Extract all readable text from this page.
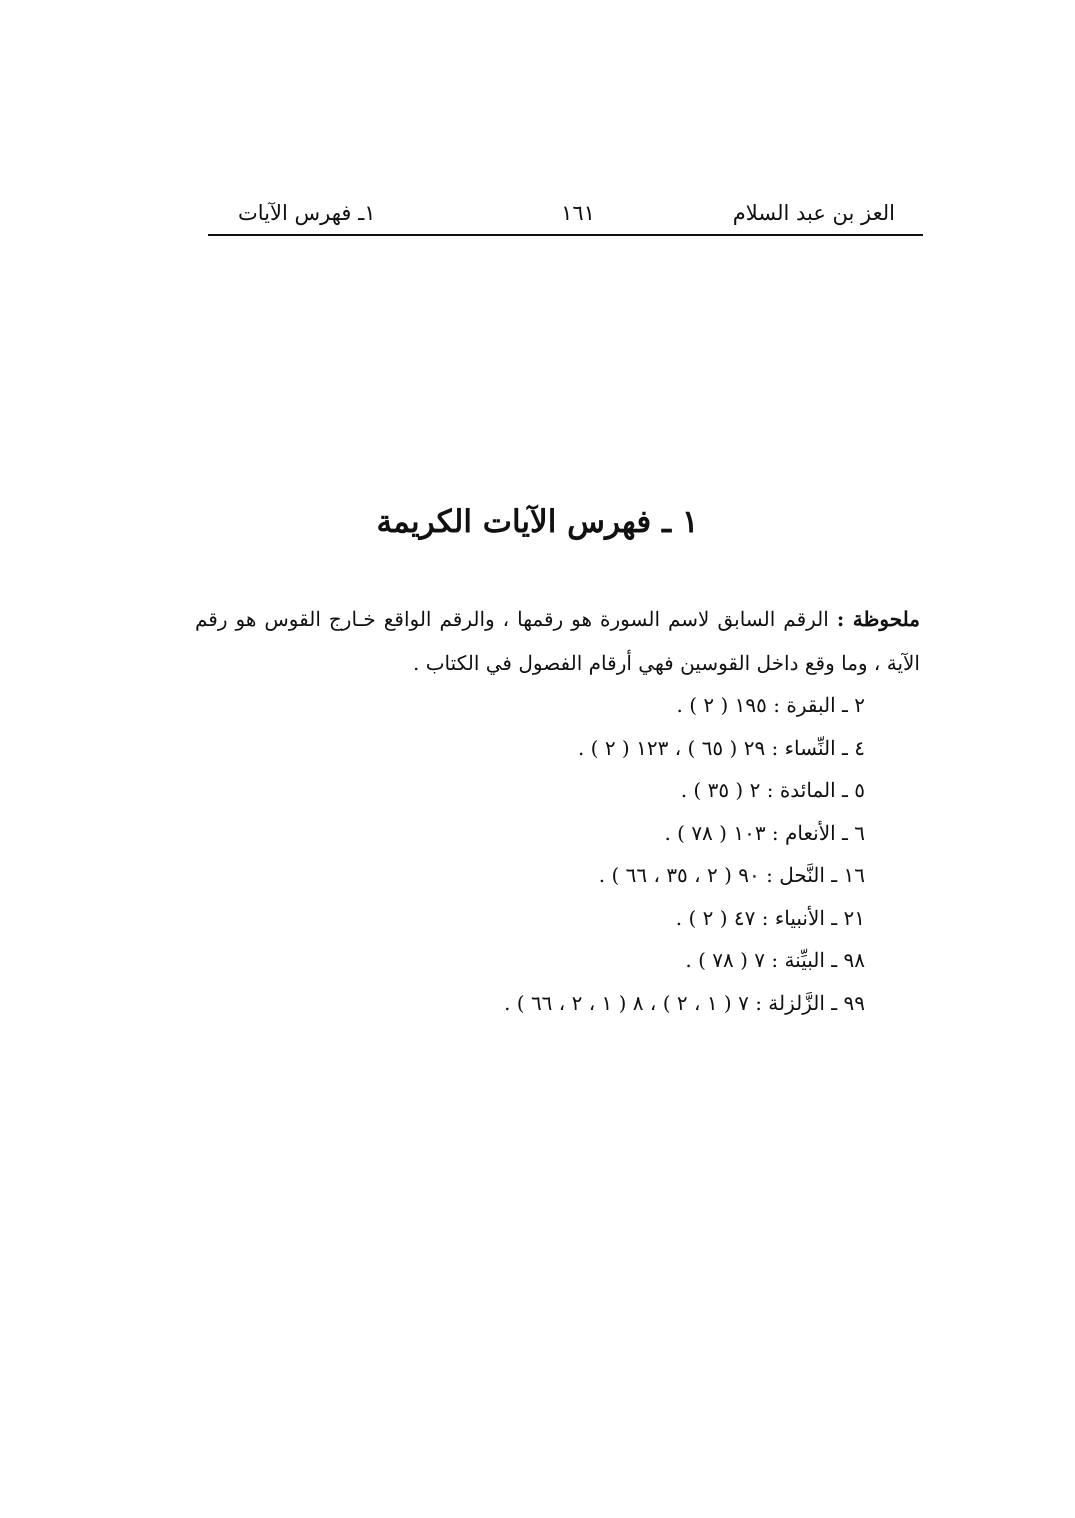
العز بن عبد السلام
١٦١
١ـ فهرس الآيات
١ ـ فهرس الآيات الكريمة

ملحوظة : الرقم السابق لاسم السورة هو رقمها ، والرقم الواقع خـارج القوس هو رقم الآية ، وما وقع داخل القوسين فهي أرقام الفصول في الكتاب .

٢ ـ البقرة : ١٩٥ ( ٢ ) .
٤ ـ النِّساء : ٢٩ ( ٦٥ ) ، ١٢٣ ( ٢ ) .
٥ ـ المائدة : ٢ ( ٣٥ ) .
٦ ـ الأنعام : ١٠٣ ( ٧٨ ) .
١٦ ـ النَّحل : ٩٠ ( ٢ ، ٣٥ ، ٦٦ ) .
٢١ ـ الأنبياء : ٤٧ ( ٢ ) .
٩٨ ـ البيِّنة : ٧ ( ٧٨ ) .
٩٩ ـ الزَّلزلة : ٧ ( ١ ، ٢ ) ، ٨ ( ١ ، ٢ ، ٦٦ ) .
